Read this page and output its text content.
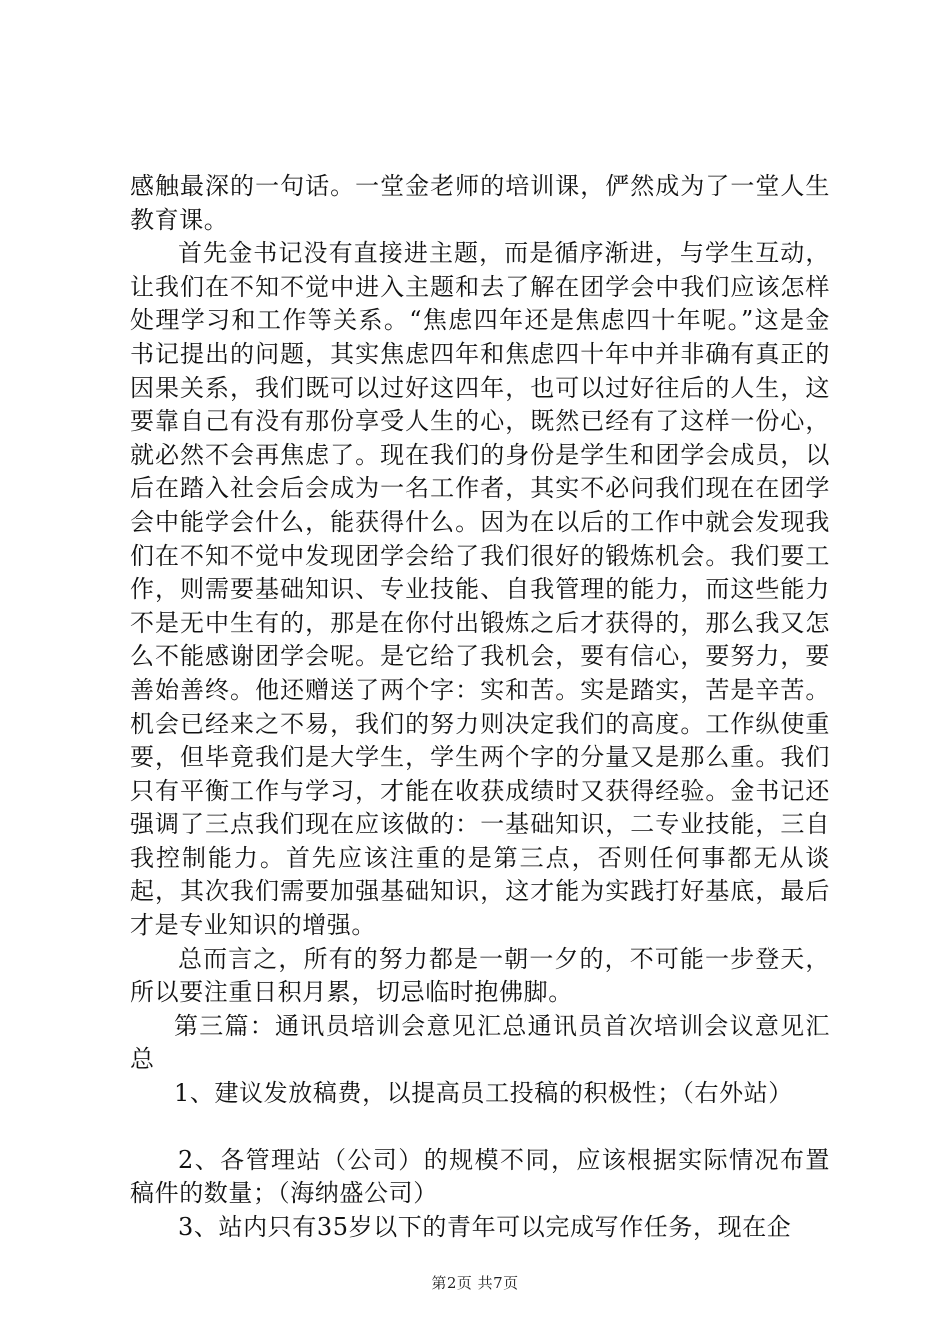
感触最深的一句话。一堂金老师的培训课，俨然成为了一堂人生教育课。

首先金书记没有直接进主题，而是循序渐进，与学生互动，让我们在不知不觉中进入主题和去了解在团学会中我们应该怎样处理学习和工作等关系。“焦虑四年还是焦虑四十年呢。”这是金书记提出的问题，其实焦虑四年和焦虑四十年中并非确有真正的因果关系，我们既可以过好这四年，也可以过好往后的人生，这要靠自己有没有那份享受人生的心，既然已经有了这样一份心，就必然不会再焦虑了。现在我们的身份是学生和团学会成员，以后在踏入社会后会成为一名工作者，其实不必问我们现在在团学会中能学会什么，能获得什么。因为在以后的工作中就会发现我们在不知不觉中发现团学会给了我们很好的锻炼机会。我们要工作，则需要基础知识、专业技能、自我管理的能力，而这些能力不是无中生有的，那是在你付出锻炼之后才获得的，那么我又怎么不能感谢团学会呢。是它给了我机会，要有信心，要努力，要善始善终。他还赠送了两个字：实和苦。实是踏实，苦是辛苦。机会已经来之不易，我们的努力则决定我们的高度。工作纵使重要，但毕竟我们是大学生，学生两个字的分量又是那么重。我们只有平衡工作与学习，才能在收获成绩时又获得经验。金书记还强调了三点我们现在应该做的：一基础知识，二专业技能，三自我控制能力。首先应该注重的是第三点，否则任何事都无从谈起，其次我们需要加强基础知识，这才能为实践打好基底，最后才是专业知识的增强。

总而言之，所有的努力都是一朝一夕的，不可能一步登天，所以要注重日积月累，切忌临时抱佛脚。

第三篇：通讯员培训会意见汇总通讯员首次培训会议意见汇总

1、建议发放稿费，以提高员工投稿的积极性；（右外站）

2、各管理站（公司）的规模不同，应该根据实际情况布置稿件的数量；（海纳盛公司）

3、站内只有35岁以下的青年可以完成写作任务，现在企

第2页 共7页
